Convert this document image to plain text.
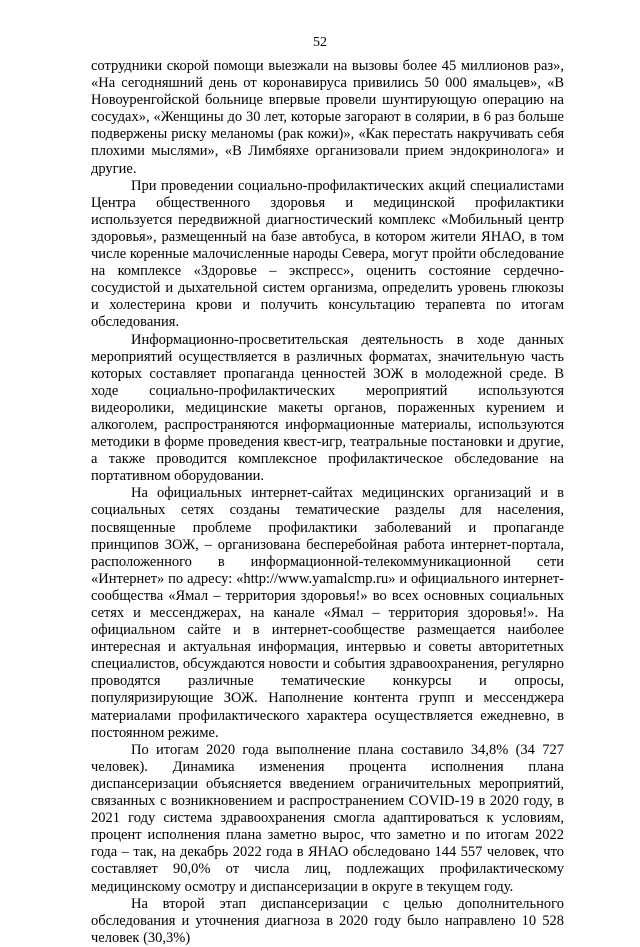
52

сотрудники скорой помощи выезжали на вызовы более 45 миллионов раз», «На сегодняшний день от коронавируса привились 50 000 ямальцев», «В Новоуренгойской больнице впервые провели шунтирующую операцию на сосудах», «Женщины до 30 лет, которые загорают в солярии, в 6 раз больше подвержены риску меланомы (рак кожи)», «Как перестать накручивать себя плохими мыслями», «В Лимбяяхе организовали прием эндокринолога» и другие.

При проведении социально-профилактических акций специалистами Центра общественного здоровья и медицинской профилактики используется передвижной диагностический комплекс «Мобильный центр здоровья», размещенный на базе автобуса, в котором жители ЯНАО, в том числе коренные малочисленные народы Севера, могут пройти обследование на комплексе «Здоровье – экспресс», оценить состояние сердечно-сосудистой и дыхательной систем организма, определить уровень глюкозы и холестерина крови и получить консультацию терапевта по итогам обследования.

Информационно-просветительская деятельность в ходе данных мероприятий осуществляется в различных форматах, значительную часть которых составляет пропаганда ценностей ЗОЖ в молодежной среде. В ходе социально-профилактических мероприятий используются видеоролики, медицинские макеты органов, пораженных курением и алкоголем, распространяются информационные материалы, используются методики в форме проведения квест-игр, театральные постановки и другие, а также проводится комплексное профилактическое обследование на портативном оборудовании.

На официальных интернет-сайтах медицинских организаций и в социальных сетях созданы тематические разделы для населения, посвященные проблеме профилактики заболеваний и пропаганде принципов ЗОЖ, – организована бесперебойная работа интернет-портала, расположенного в информационной-телекоммуникационной сети «Интернет» по адресу: «http://www.yamalcmp.ru» и официального интернет-сообщества «Ямал – территория здоровья!» во всех основных социальных сетях и мессенджерах, на канале «Ямал – территория здоровья!». На официальном сайте и в интернет-сообществе размещается наиболее интересная и актуальная информация, интервью и советы авторитетных специалистов, обсуждаются новости и события здравоохранения, регулярно проводятся различные тематические конкурсы и опросы, популяризирующие ЗОЖ. Наполнение контента групп и мессенджера материалами профилактического характера осуществляется ежедневно, в постоянном режиме.

По итогам 2020 года выполнение плана составило 34,8% (34 727 человек). Динамика изменения процента исполнения плана диспансеризации объясняется введением ограничительных мероприятий, связанных с возникновением и распространением COVID-19 в 2020 году, в 2021 году система здравоохранения смогла адаптироваться к условиям, процент исполнения плана заметно вырос, что заметно и по итогам 2022 года – так, на декабрь 2022 года в ЯНАО обследовано 144 557 человек, что составляет 90,0% от числа лиц, подлежащих профилактическому медицинскому осмотру и диспансеризации в округе в текущем году.

На второй этап диспансеризации с целью дополнительного обследования и уточнения диагноза в 2020 году было направлено 10 528 человек (30,3%)
